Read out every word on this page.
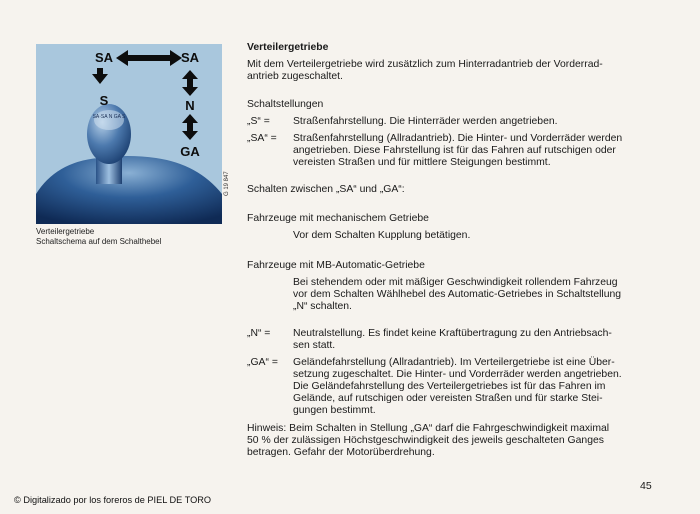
SA·SA N GA S
SA	SA
S	N
GA
G 19 847
Verteilergetriebe
Schaltschema auf dem Schalthebel
Verteilergetriebe
Mit dem Verteilergetriebe wird zusätzlich zum Hinterradantrieb der Vorderrad-
antrieb zugeschaltet.
Schaltstellungen
„S“ = Straßenfahrstellung. Die Hinterräder werden angetrieben.
„SA“ = Straßenfahrstellung (Allradantrieb). Die Hinter- und Vorderräder werden
angetrieben. Diese Fahrstellung ist für das Fahren auf rutschigen oder
vereisten Straßen und für mittlere Steigungen bestimmt.
Schalten zwischen „SA“ und „GA“:
Fahrzeuge mit mechanischem Getriebe
Vor dem Schalten Kupplung betätigen.
Fahrzeuge mit MB-Automatic-Getriebe
Bei stehendem oder mit mäßiger Geschwindigkeit rollendem Fahrzeug
vor dem Schalten Wählhebel des Automatic-Getriebes in Schaltstellung
„N“ schalten.
„N“ = Neutralstellung. Es findet keine Kraftübertragung zu den Antriebsach-
sen statt.
„GA“ = Geländefahrstellung (Allradantrieb). Im Verteilergetriebe ist eine Über-
setzung zugeschaltet. Die Hinter- und Vorderräder werden angetrieben.
Die Geländefahrstellung des Verteilergetriebes ist für das Fahren im
Gelände, auf rutschigen oder vereisten Straßen und für starke Stei-
gungen bestimmt.
Hinweis: Beim Schalten in Stellung „GA“ darf die Fahrgeschwindigkeit maximal
50 % der zulässigen Höchstgeschwindigkeit des jeweils geschalteten Ganges
betragen. Gefahr der Motorüberdrehung.
45
© Digitalizado por los foreros de PIEL DE TORO
